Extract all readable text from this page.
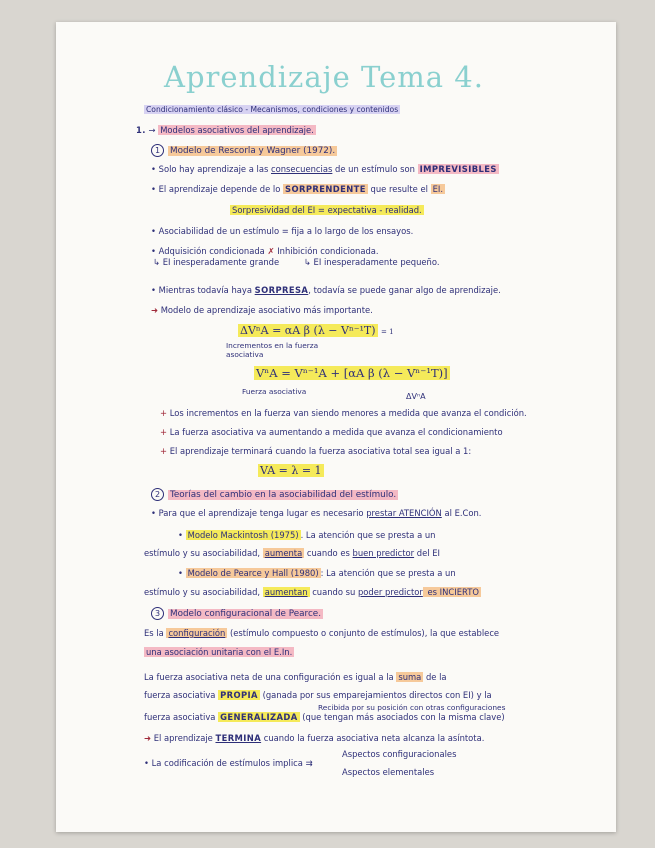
Aprendizaje Tema 4.
Condicionamiento clásico - Mecanismos, condiciones y contenidos
1. → Modelos asociativos del aprendizaje.
1 Modelo de Rescorla y Wagner (1972).
• Solo hay aprendizaje a las consecuencias de un estímulo son IMPREVISIBLES
• El aprendizaje depende de lo SORPRENDENTE que resulte el EI.
Sorpresividad del EI = expectativa - realidad.
• Asociabilidad de un estímulo = fija a lo largo de los ensayos.
• Adquisición condicionada ✗ Inhibición condicionada.
↳ EI inesperadamente grande	↳ EI inesperadamente pequeño.
• Mientras todavía haya SORPRESA, todavía se puede ganar algo de aprendizaje.
➜ Modelo de aprendizaje asociativo más importante.
ΔVⁿA = αA β (λ − Vⁿ⁻¹T) = 1
Incrementos en la fuerza asociativa
VⁿA = Vⁿ⁻¹A + [αA β (λ − Vⁿ⁻¹T)]
Fuerza asociativa
ΔVⁿA
+ Los incrementos en la fuerza van siendo menores a medida que avanza el condición.
+ La fuerza asociativa va aumentando a medida que avanza el condicionamiento
+ El aprendizaje terminará cuando la fuerza asociativa total sea igual a 1:
VA = λ = 1
2 Teorías del cambio en la asociabilidad del estímulo.
• Para que el aprendizaje tenga lugar es necesario prestar ATENCIÓN al E.Con.
• Modelo Mackintosh (1975) . La atención que se presta a un
estímulo y su asociabilidad, aumenta cuando es buen predictor del EI
• Modelo de Pearce y Hall (1980) : La atención que se presta a un
estímulo y su asociabilidad, aumentan cuando su poder predictor es INCIERTO
3 Modelo configuracional de Pearce.
Es la configuración (estímulo compuesto o conjunto de estímulos), la que establece
una asociación unitaria con el E.In.
La fuerza asociativa neta de una configuración es igual a la suma de la
fuerza asociativa PROPIA (ganada por sus emparejamientos directos con EI) y la
Recibida por su posición con otras configuraciones
fuerza asociativa GENERALIZADA (que tengan más asociados con la misma clave)
➜ El aprendizaje TERMINA cuando la fuerza asociativa neta alcanza la asíntota.
• La codificación de estímulos implica ⇉
Aspectos configuracionales
Aspectos elementales
